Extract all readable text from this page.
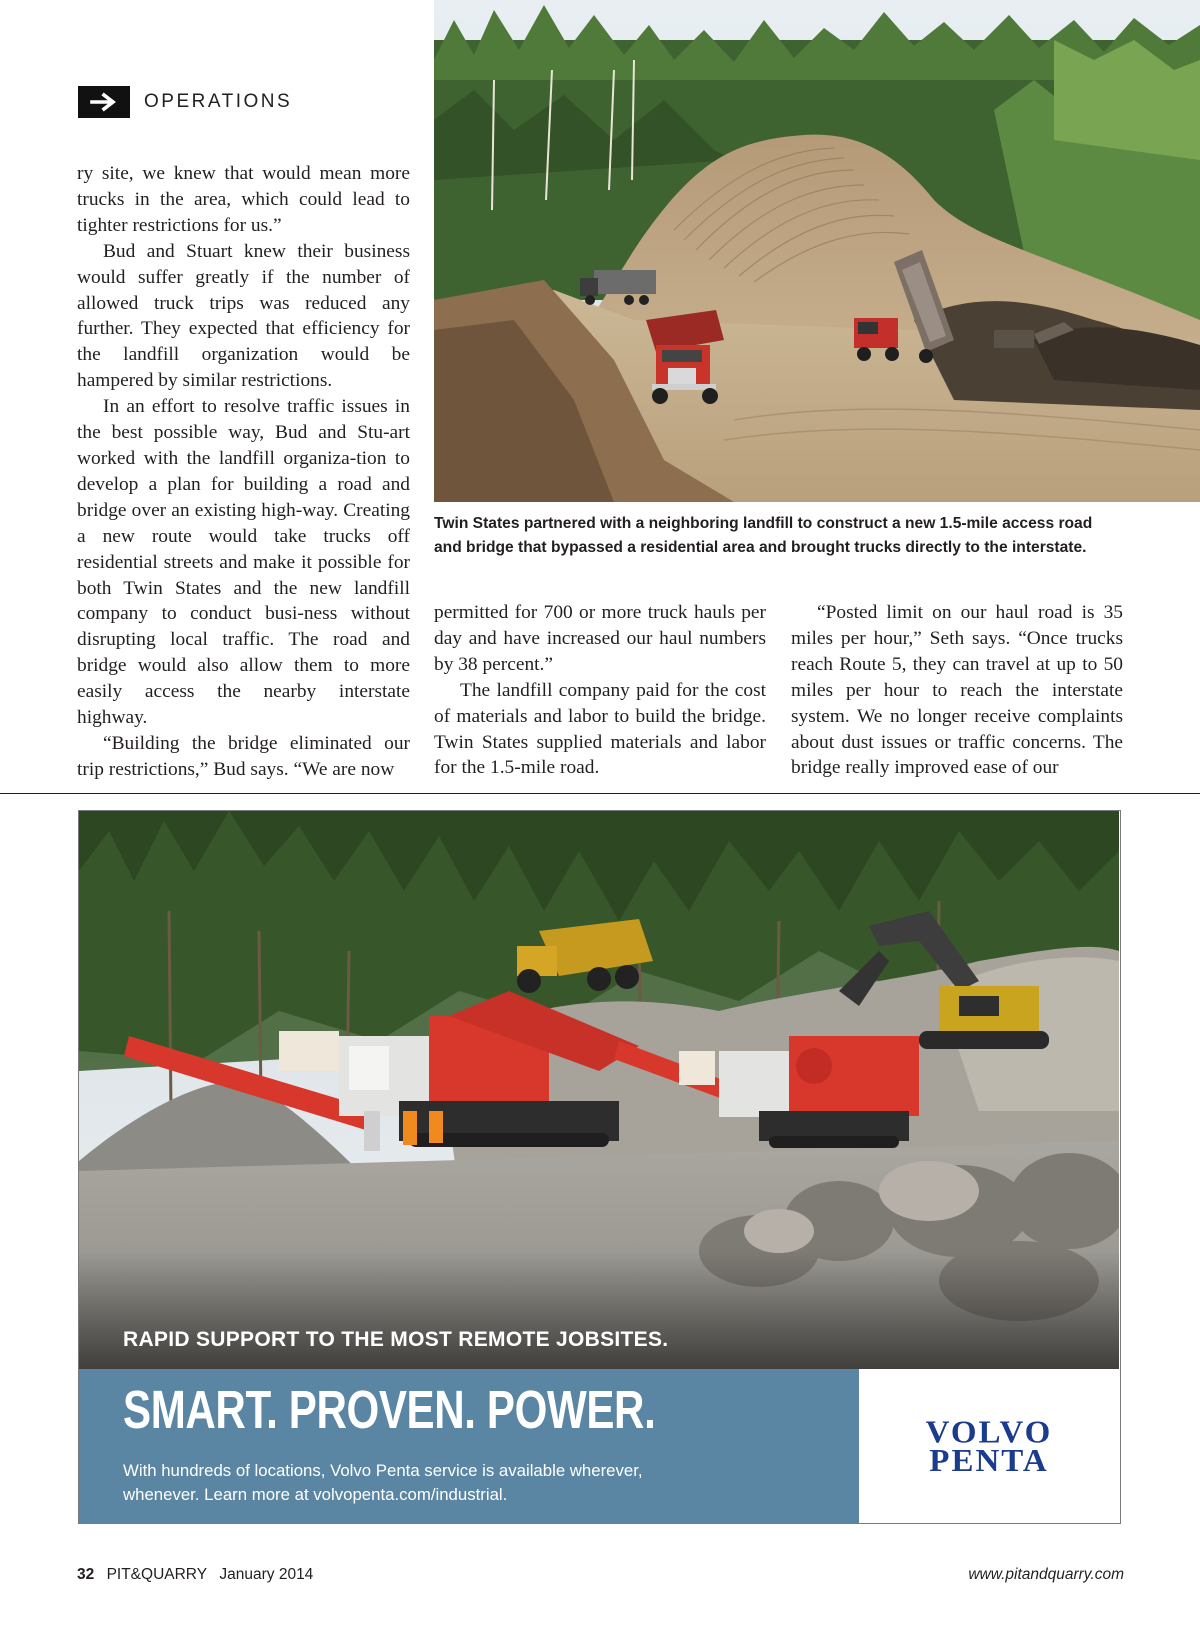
OPERATIONS

ry site, we knew that would mean more trucks in the area, which could lead to tighter restrictions for us.”

Bud and Stuart knew their business would suffer greatly if the number of allowed truck trips was reduced any further. They expected that efficiency for the landfill organization would be hampered by similar restrictions.

In an effort to resolve traffic issues in the best possible way, Bud and Stu-art worked with the landfill organiza-tion to develop a plan for building a road and bridge over an existing high-way. Creating a new route would take trucks off residential streets and make it possible for both Twin States and the new landfill company to conduct busi-ness without disrupting local traffic. The road and bridge would also allow them to more easily access the nearby interstate highway.

“Building the bridge eliminated our trip restrictions,” Bud says. “We are now

Twin States partnered with a neighboring landfill to construct a new 1.5-mile access road and bridge that bypassed a residential area and brought trucks directly to the interstate.

permitted for 700 or more truck hauls per day and have increased our haul numbers by 38 percent.”

The landfill company paid for the cost of materials and labor to build the bridge. Twin States supplied materials and labor for the 1.5-mile road.

“Posted limit on our haul road is 35 miles per hour,” Seth says. “Once trucks reach Route 5, they can travel at up to 50 miles per hour to reach the interstate system. We no longer receive complaints about dust issues or traffic concerns. The bridge really improved ease of our

RAPID SUPPORT TO THE MOST REMOTE JOBSITES.
SMART. PROVEN. POWER.
With hundreds of locations, Volvo Penta service is available wherever, whenever. Learn more at volvopenta.com/industrial.
VOLVO
PENTA
32 PIT&QUARRY January 2014	www.pitandquarry.com
